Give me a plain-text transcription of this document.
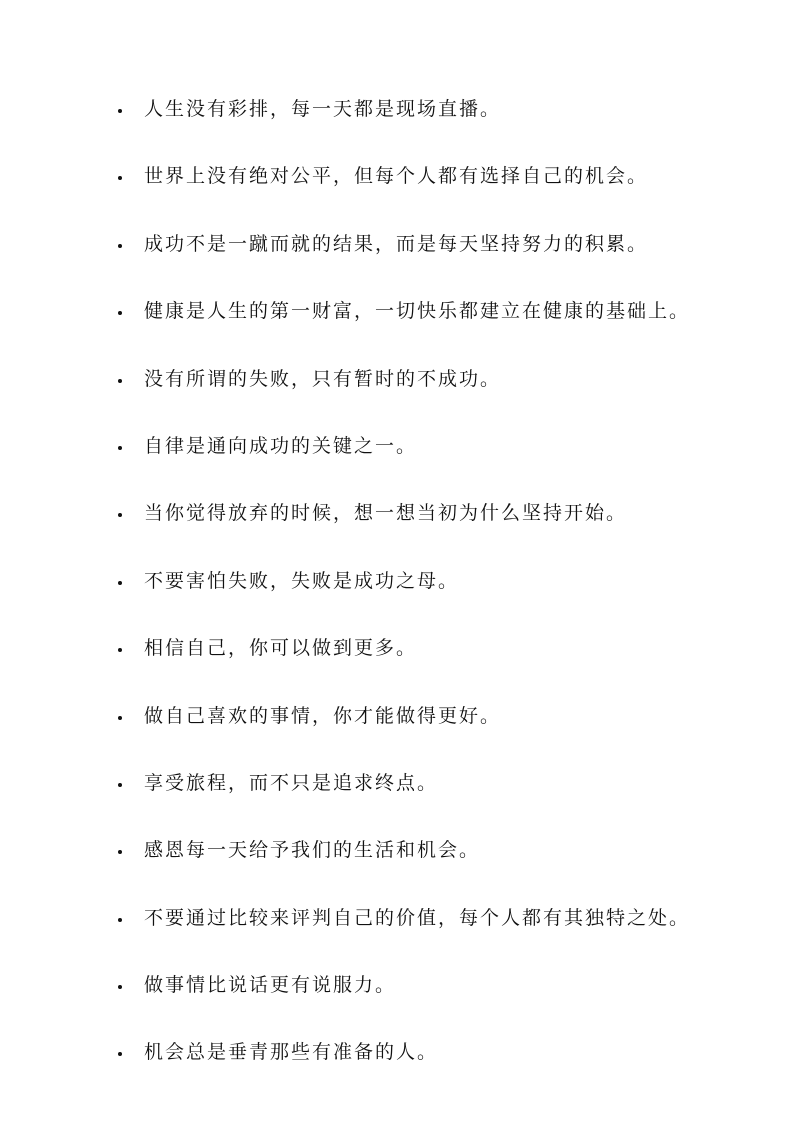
人生没有彩排，每一天都是现场直播。
世界上没有绝对公平，但每个人都有选择自己的机会。
成功不是一蹴而就的结果，而是每天坚持努力的积累。
健康是人生的第一财富，一切快乐都建立在健康的基础上。
没有所谓的失败，只有暂时的不成功。
自律是通向成功的关键之一。
当你觉得放弃的时候，想一想当初为什么坚持开始。
不要害怕失败，失败是成功之母。
相信自己，你可以做到更多。
做自己喜欢的事情，你才能做得更好。
享受旅程，而不只是追求终点。
感恩每一天给予我们的生活和机会。
不要通过比较来评判自己的价值，每个人都有其独特之处。
做事情比说话更有说服力。
机会总是垂青那些有准备的人。
